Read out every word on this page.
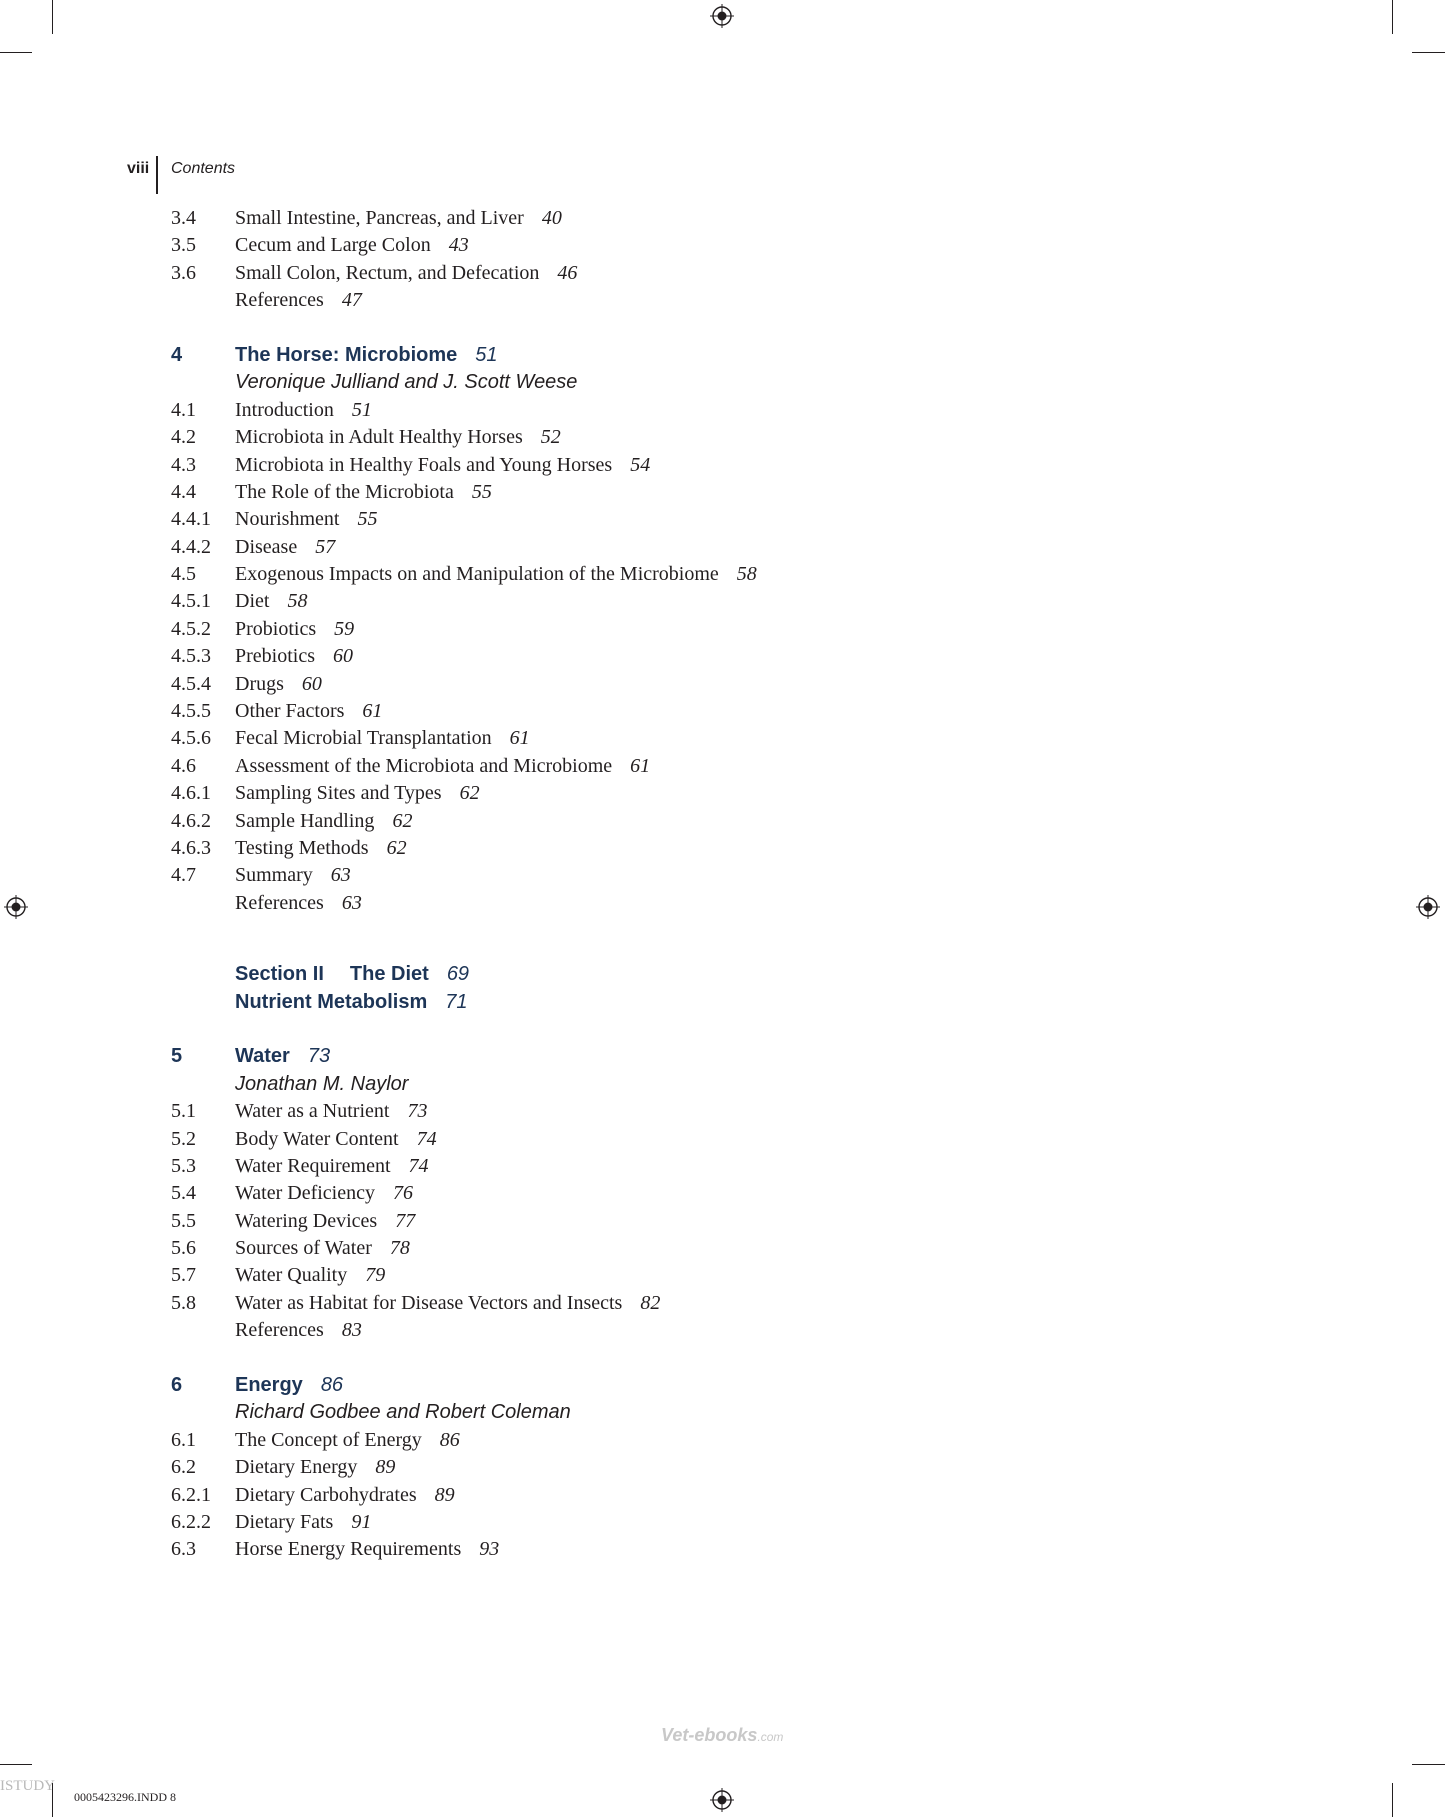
viii Contents
3.4 Small Intestine, Pancreas, and Liver 40
3.5 Cecum and Large Colon 43
3.6 Small Colon, Rectum, and Defecation 46
References 47
4	The Horse: Microbiome 51
Veronique Julliand and J. Scott Weese
4.1 Introduction 51
4.2 Microbiota in Adult Healthy Horses 52
4.3 Microbiota in Healthy Foals and Young Horses 54
4.4 The Role of the Microbiota 55
4.4.1 Nourishment 55
4.4.2 Disease 57
4.5 Exogenous Impacts on and Manipulation of the Microbiome 58
4.5.1 Diet 58
4.5.2 Probiotics 59
4.5.3 Prebiotics 60
4.5.4 Drugs 60
4.5.5 Other Factors 61
4.5.6 Fecal Microbial Transplantation 61
4.6 Assessment of the Microbiota and Microbiome 61
4.6.1 Sampling Sites and Types 62
4.6.2 Sample Handling 62
4.6.3 Testing Methods 62
4.7 Summary 63
References 63
Section II The Diet 69
Nutrient Metabolism 71
5	Water 73
Jonathan M. Naylor
5.1 Water as a Nutrient 73
5.2 Body Water Content 74
5.3 Water Requirement 74
5.4 Water Deficiency 76
5.5 Watering Devices 77
5.6 Sources of Water 78
5.7 Water Quality 79
5.8 Water as Habitat for Disease Vectors and Insects 82
References 83
6	Energy 86
Richard Godbee and Robert Coleman
6.1 The Concept of Energy 86
6.2 Dietary Energy 89
6.2.1 Dietary Carbohydrates 89
6.2.2 Dietary Fats 91
6.3 Horse Energy Requirements 93
Vet-ebooks.com
ISTUDY
0005423296.INDD 8
